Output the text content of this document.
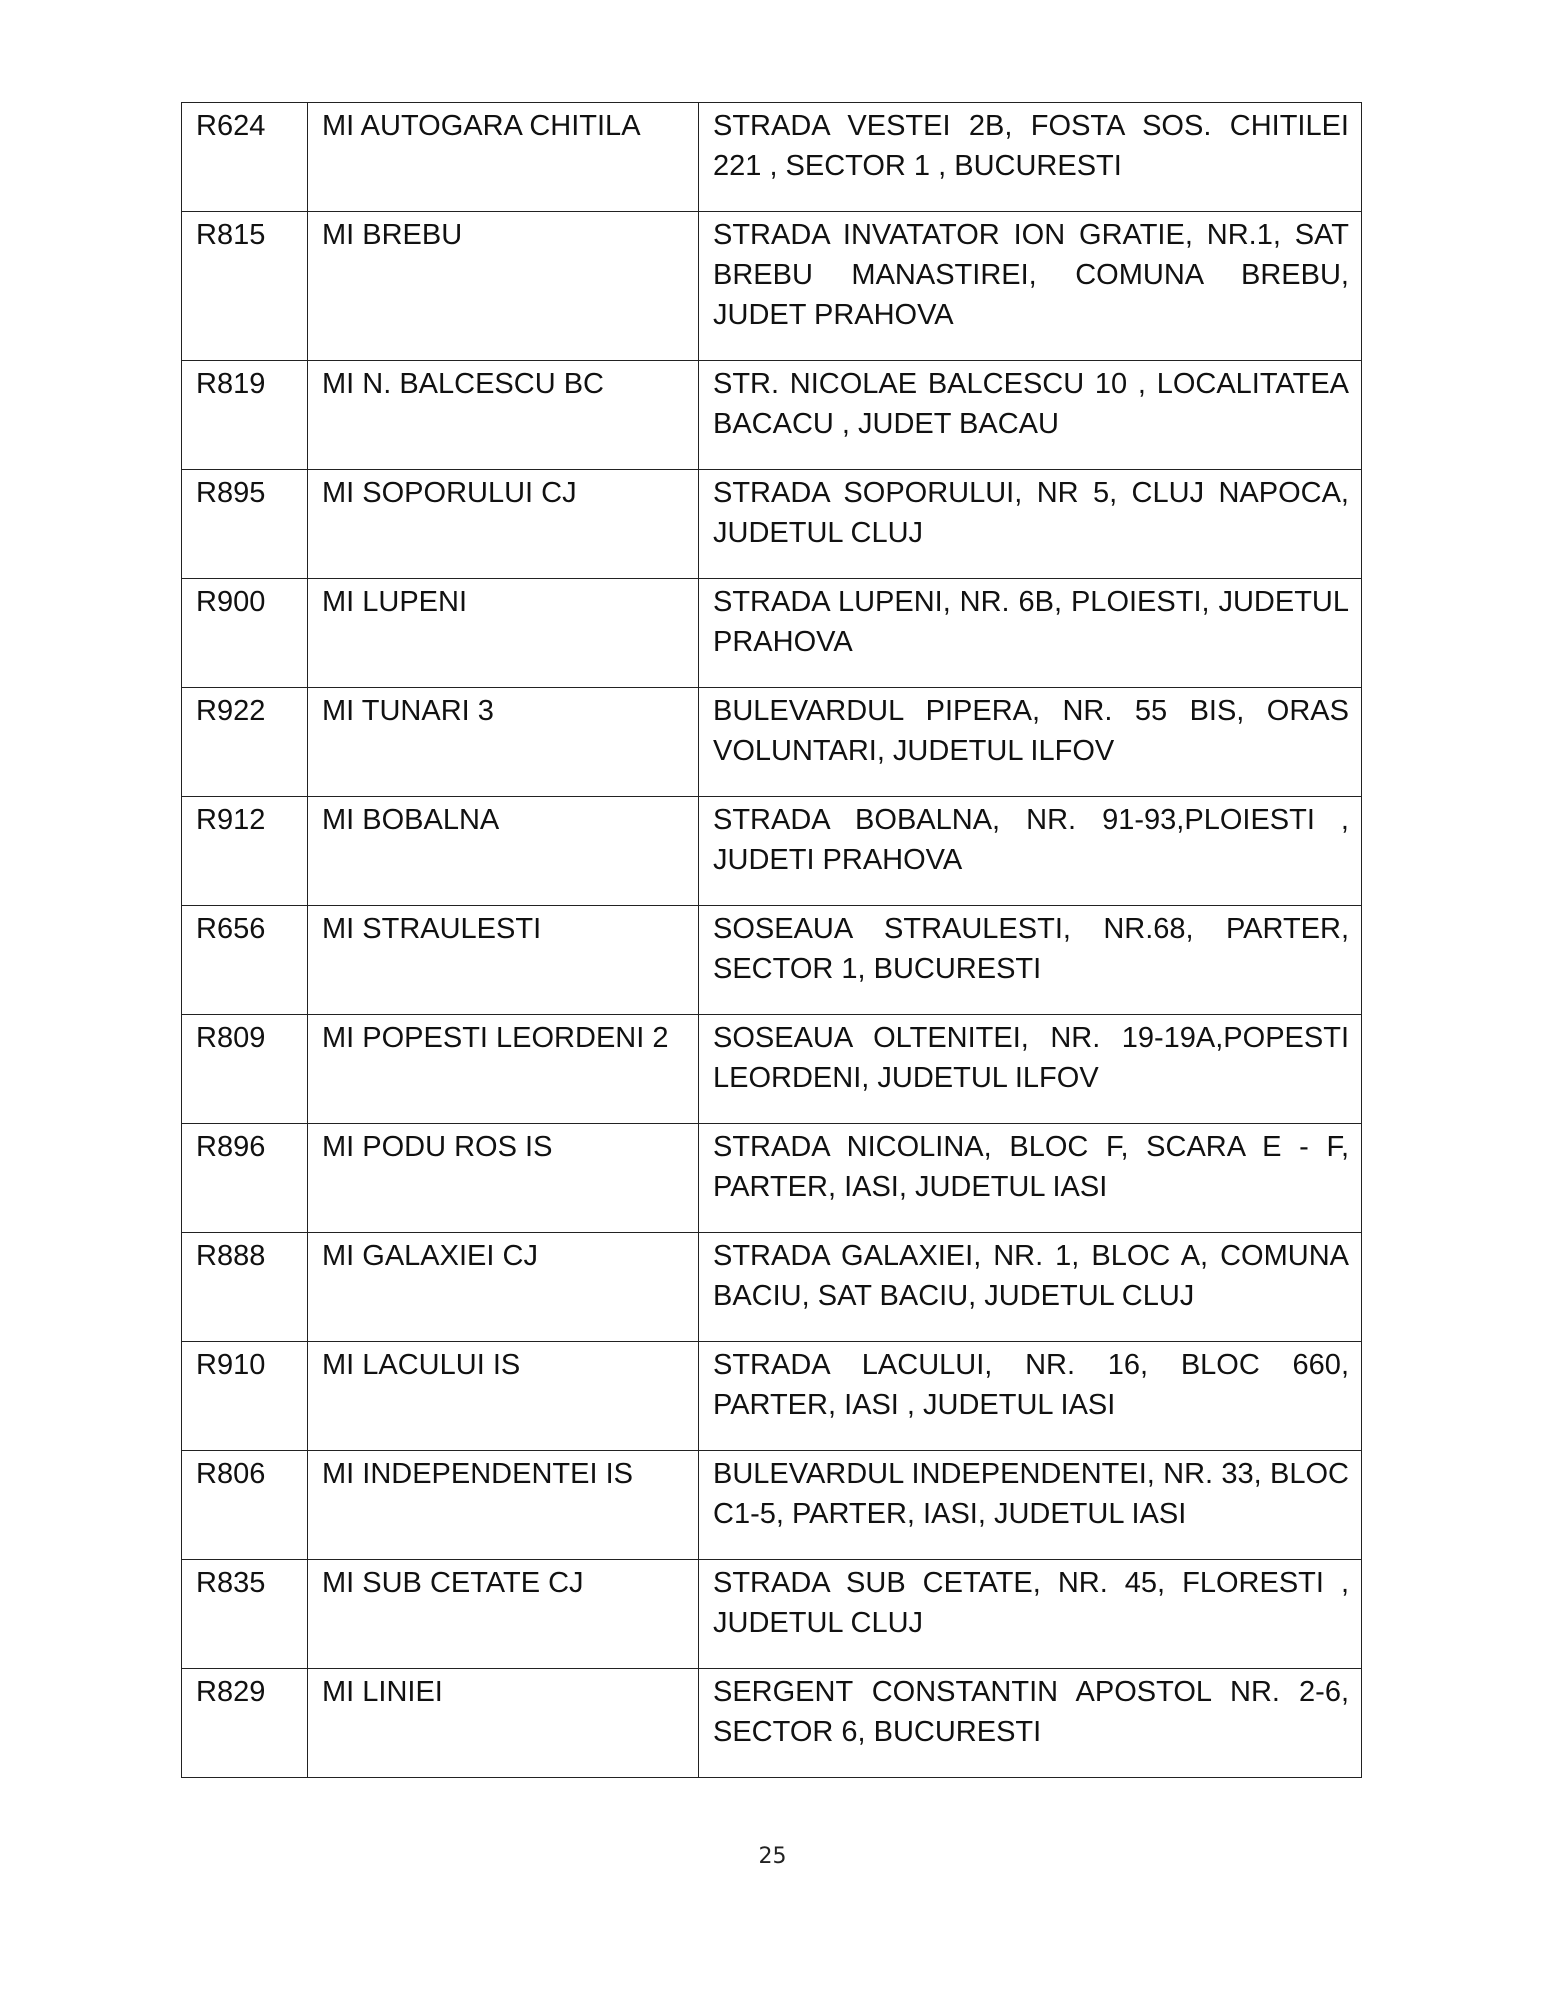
R624	MI AUTOGARA CHITILA	STRADA VESTEI 2B, FOSTA SOS. CHITILEI 221 , SECTOR 1 , BUCURESTI
R815	MI BREBU	STRADA INVATATOR ION GRATIE, NR.1, SAT BREBU MANASTIREI, COMUNA BREBU, JUDET PRAHOVA
R819	MI N. BALCESCU BC	STR. NICOLAE BALCESCU 10 , LOCALITATEA BACACU , JUDET BACAU
R895	MI SOPORULUI CJ	STRADA SOPORULUI, NR 5, CLUJ NAPOCA, JUDETUL CLUJ
R900	MI LUPENI	STRADA LUPENI, NR. 6B, PLOIESTI, JUDETUL PRAHOVA
R922	MI TUNARI 3	BULEVARDUL PIPERA, NR. 55 BIS, ORAS VOLUNTARI, JUDETUL ILFOV
R912	MI BOBALNA	STRADA BOBALNA, NR. 91-93,PLOIESTI , JUDETI PRAHOVA
R656	MI STRAULESTI	SOSEAUA STRAULESTI, NR.68, PARTER, SECTOR 1, BUCURESTI
R809	MI POPESTI LEORDENI 2	SOSEAUA OLTENITEI, NR. 19-19A,POPESTI LEORDENI, JUDETUL ILFOV
R896	MI PODU ROS IS	STRADA NICOLINA, BLOC F, SCARA E - F, PARTER, IASI, JUDETUL IASI
R888	MI GALAXIEI CJ	STRADA GALAXIEI, NR. 1, BLOC A, COMUNA BACIU, SAT BACIU, JUDETUL CLUJ
R910	MI LACULUI IS	STRADA LACULUI, NR. 16, BLOC 660, PARTER, IASI , JUDETUL IASI
R806	MI INDEPENDENTEI IS	BULEVARDUL INDEPENDENTEI, NR. 33, BLOC C1-5, PARTER, IASI, JUDETUL IASI
R835	MI SUB CETATE CJ	STRADA SUB CETATE, NR. 45, FLORESTI , JUDETUL CLUJ
R829	MI LINIEI	SERGENT CONSTANTIN APOSTOL NR. 2-6, SECTOR 6, BUCURESTI
25
